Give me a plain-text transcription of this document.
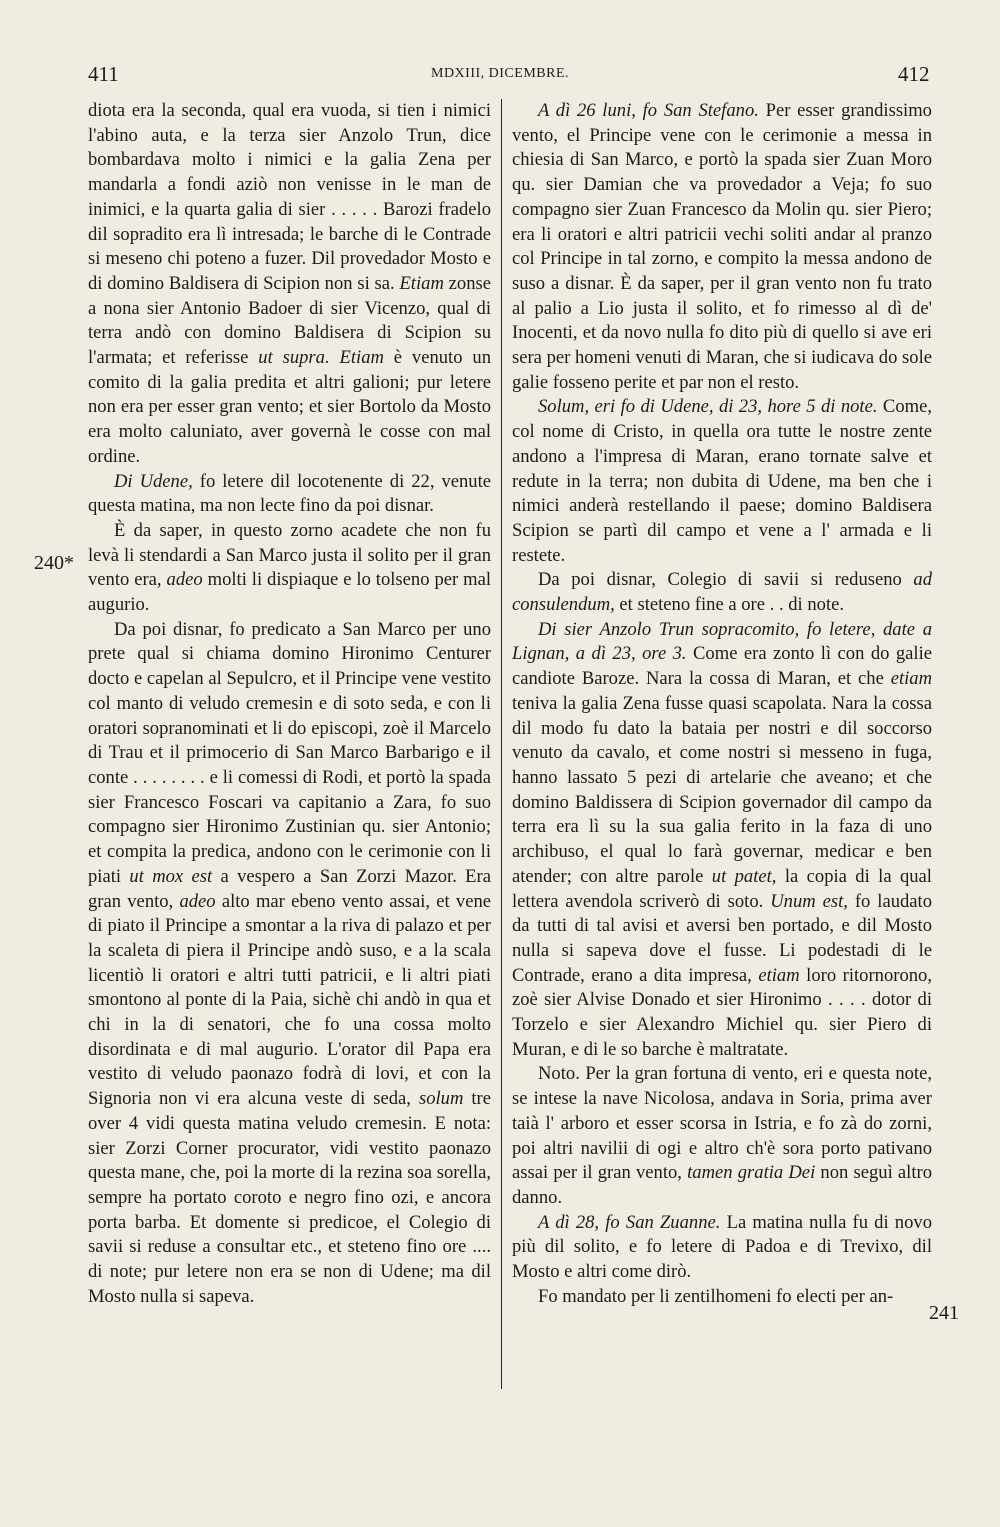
411	MDXIII, DICEMBRE.	412
240*
241

diota era la seconda, qual era vuoda, si tien i nimici l'abino auta, e la terza sier Anzolo Trun, dice bombardava molto i nimici e la galia Zena per mandarla a fondi aziò non venisse in le man de inimici, e la quarta galia di sier . . . . . Barozi fradelo dil sopradito era lì intresada; le barche di le Contrade si meseno chi poteno a fuzer. Dil provedador Mosto e di domino Baldisera di Scipion non si sa. Etiam zonse a nona sier Antonio Badoer di sier Vicenzo, qual di terra andò con domino Baldisera di Scipion su l'armata; et referisse ut supra. Etiam è venuto un comito di la galia predita et altri galioni; pur letere non era per esser gran vento; et sier Bortolo da Mosto era molto caluniato, aver governà le cosse con mal ordine.

Di Udene, fo letere dil locotenente di 22, venute questa matina, ma non lecte fino da poi disnar.

È da saper, in questo zorno acadete che non fu levà li stendardi a San Marco justa il solito per il gran vento era, adeo molti li dispiaque e lo tolseno per mal augurio.

Da poi disnar, fo predicato a San Marco per uno prete qual si chiama domino Hironimo Centurer docto e capelan al Sepulcro, et il Principe vene vestito col manto di veludo cremesin e di soto seda, e con li oratori sopranominati et li do episcopi, zoè il Marcelo di Trau et il primocerio di San Marco Barbarigo e il conte . . . . . . . . e li comessi di Rodi, et portò la spada sier Francesco Foscari va capitanio a Zara, fo suo compagno sier Hironimo Zustinian qu. sier Antonio; et compita la predica, andono con le cerimonie con li piati ut mox est a vespero a San Zorzi Mazor. Era gran vento, adeo alto mar ebeno vento assai, et vene di piato il Principe a smontar a la riva di palazo et per la scaleta di piera il Principe andò suso, e a la scala licentiò li oratori e altri tutti patricii, e li altri piati smontono al ponte di la Paia, sichè chi andò in qua et chi in la di senatori, che fo una cossa molto disordinata e di mal augurio. L'orator dil Papa era vestito di veludo paonazo fodrà di lovi, et con la Signoria non vi era alcuna veste di seda, solum tre over 4 vidi questa matina veludo cremesin. E nota: sier Zorzi Corner procurator, vidi vestito paonazo questa mane, che, poi la morte di la rezina soa sorella, sempre ha portato coroto e negro fino ozi, e ancora porta barba. Et domente si predicoe, el Colegio di savii si reduse a consultar etc., et steteno fino ore .... di note; pur letere non era se non di Udene; ma dil Mosto nulla si sapeva.

A dì 26 luni, fo San Stefano. Per esser grandissimo vento, el Principe vene con le cerimonie a messa in chiesia di San Marco, e portò la spada sier Zuan Moro qu. sier Damian che va provedador a Veja; fo suo compagno sier Zuan Francesco da Molin qu. sier Piero; era li oratori e altri patricii vechi soliti andar al pranzo col Principe in tal zorno, e compito la messa andono de suso a disnar. È da saper, per il gran vento non fu trato al palio a Lio justa il solito, et fo rimesso al dì de' Inocenti, et da novo nulla fo dito più di quello si ave eri sera per homeni venuti di Maran, che si iudicava do sole galie fosseno perite et par non el resto.

Solum, eri fo di Udene, di 23, hore 5 di note. Come, col nome di Cristo, in quella ora tutte le nostre zente andono a l'impresa di Maran, erano tornate salve et redute in la terra; non dubita di Udene, ma ben che i nimici anderà restellando il paese; domino Baldisera Scipion se partì dil campo et vene a l' armada e li restete.

Da poi disnar, Colegio di savii si reduseno ad consulendum, et steteno fine a ore . . di note.

Di sier Anzolo Trun sopracomito, fo letere, date a Lignan, a dì 23, ore 3. Come era zonto lì con do galie candiote Baroze. Nara la cossa di Maran, et che etiam teniva la galia Zena fusse quasi scapolata. Nara la cossa dil modo fu dato la bataia per nostri e dil soccorso venuto da cavalo, et come nostri si messeno in fuga, hanno lassato 5 pezi di artelarie che aveano; et che domino Baldissera di Scipion governador dil campo da terra era lì su la sua galia ferito in la faza di uno archibuso, el qual lo farà governar, medicar e ben atender; con altre parole ut patet, la copia di la qual lettera avendola scriverò di soto. Unum est, fo laudato da tutti di tal avisi et aversi ben portado, e dil Mosto nulla si sapeva dove el fusse. Li podestadi di le Contrade, erano a dita impresa, etiam loro ritornorono, zoè sier Alvise Donado et sier Hironimo . . . . dotor di Torzelo e sier Alexandro Michiel qu. sier Piero di Muran, e di le so barche è maltratate.

Noto. Per la gran fortuna di vento, eri e questa note, se intese la nave Nicolosa, andava in Soria, prima aver taià l' arboro et esser scorsa in Istria, e fo zà do zorni, poi altri navilii di ogi e altro ch'è sora porto pativano assai per il gran vento, tamen gratia Dei non seguì altro danno.

A dì 28, fo San Zuanne. La matina nulla fu di novo più dil solito, e fo letere di Padoa e di Trevixo, dil Mosto e altri come dirò.

Fo mandato per li zentilhomeni fo electi per an-
